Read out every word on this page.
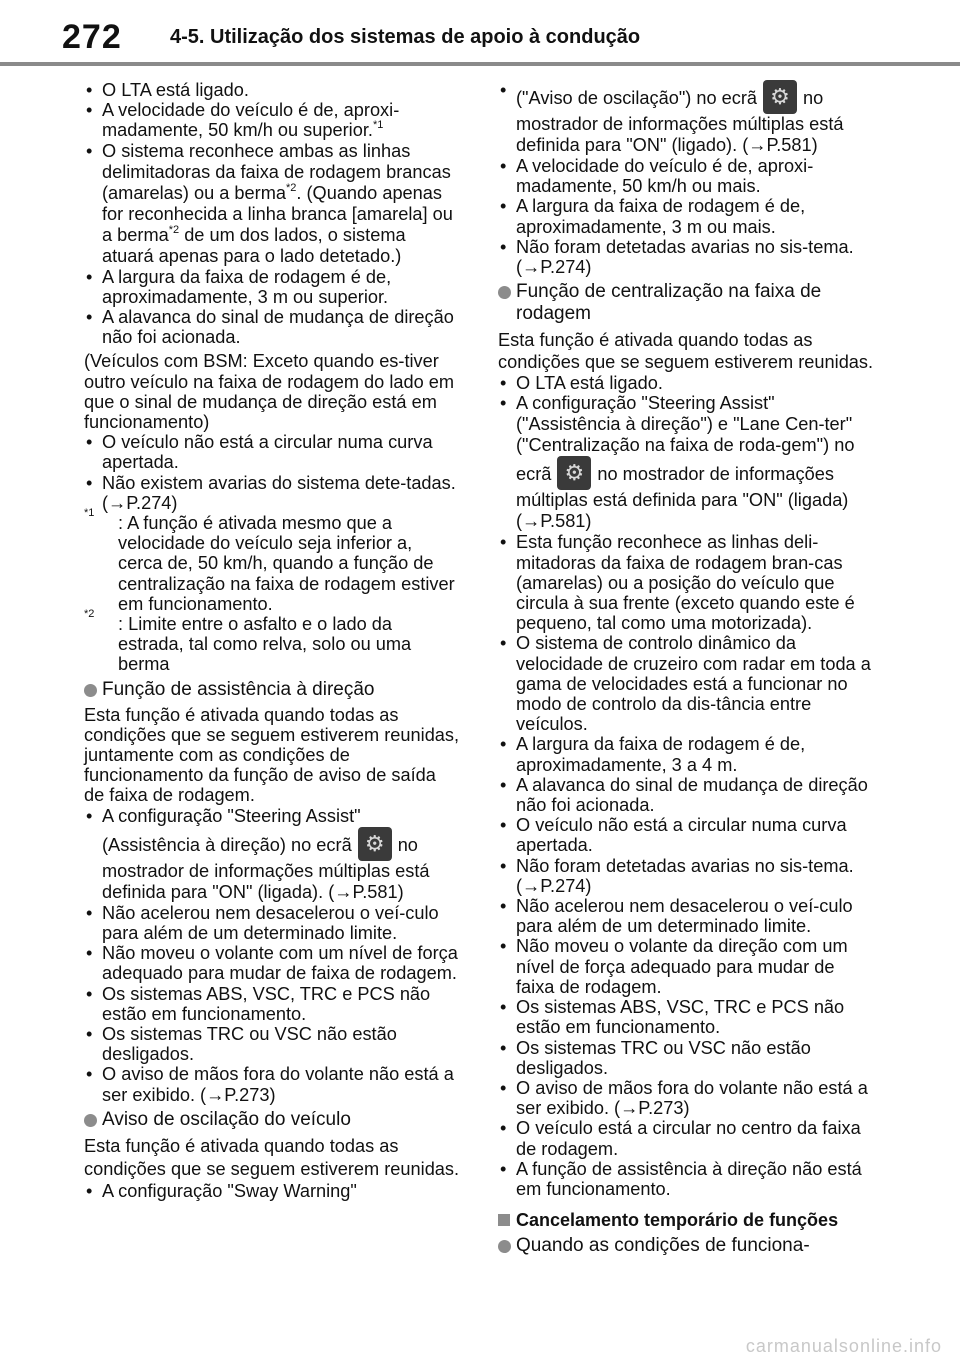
272 4-5. Utilização dos sistemas de apoio à condução
• O LTA está ligado.
• A velocidade do veículo é de, aproxi-madamente, 50 km/h ou superior.$^{*1}$
• O sistema reconhece ambas as linhas delimitadoras da faixa de rodagem brancas (amarelas) ou a berma$^{*2}$. (Quando apenas for reconhecida a linha branca [amarela] ou a berma$^{*2}$ de um dos lados, o sistema atuará apenas para o lado detetado.)
• A largura da faixa de rodagem é de, aproximadamente, 3 m ou superior.
• A alavanca do sinal de mudança de direção não foi acionada.
(Veículos com BSM: Exceto quando es-tiver outro veículo na faixa de rodagem do lado em que o sinal de mudança de direção está em funcionamento)
• O veículo não está a circular numa curva apertada.
• Não existem avarias do sistema dete-tadas. (→P.274)
*1 : A função é ativada mesmo que a velocidade do veículo seja inferior a, cerca de, 50 km/h, quando a função de centralização na faixa de rodagem estiver em funcionamento.
*2 : Limite entre o asfalto e o lado da estrada, tal como relva, solo ou uma berma
Função de assistência à direção
Esta função é ativada quando todas as condições que se seguem estiverem reunidas, juntamente com as condições de funcionamento da função de aviso de saída de faixa de rodagem.
• A configuração "Steering Assist" (Assistência à direção) no ecrã ⚙ no mostrador de informações múltiplas está definida para "ON" (ligada). (→P.581)
• Não acelerou nem desacelerou o veí-culo para além de um determinado limite.
• Não moveu o volante com um nível de força adequado para mudar de faixa de rodagem.
• Os sistemas ABS, VSC, TRC e PCS não estão em funcionamento.
• Os sistemas TRC ou VSC não estão desligados.
• O aviso de mãos fora do volante não está a ser exibido. (→P.273)
Aviso de oscilação do veículo
Esta função é ativada quando todas as condições que se seguem estiverem reunidas.
• A configuração "Sway Warning"
• ("Aviso de oscilação") no ecrã ⚙ no mostrador de informações múltiplas está definida para "ON" (ligado). (→P.581)
• A velocidade do veículo é de, aproxi-madamente, 50 km/h ou mais.
• A largura da faixa de rodagem é de, aproximadamente, 3 m ou mais.
• Não foram detetadas avarias no sis-tema. (→P.274)
Função de centralização na faixa de rodagem
Esta função é ativada quando todas as condições que se seguem estiverem reunidas.
• O LTA está ligado.
• A configuração "Steering Assist" ("Assistência à direção") e "Lane Cen-ter" ("Centralização na faixa de roda-gem") no ecrã ⚙ no mostrador de informações múltiplas está definida para "ON" (ligada) (→P.581)
• Esta função reconhece as linhas deli-mitadoras da faixa de rodagem bran-cas (amarelas) ou a posição do veículo que circula à sua frente (exceto quando este é pequeno, tal como uma motorizada).
• O sistema de controlo dinâmico da velocidade de cruzeiro com radar em toda a gama de velocidades está a funcionar no modo de controlo da dis-tância entre veículos.
• A largura da faixa de rodagem é de, aproximadamente, 3 a 4 m.
• A alavanca do sinal de mudança de direção não foi acionada.
• O veículo não está a circular numa curva apertada.
• Não foram detetadas avarias no sis-tema. (→P.274)
• Não acelerou nem desacelerou o veí-culo para além de um determinado limite.
• Não moveu o volante da direção com um nível de força adequado para mudar de faixa de rodagem.
• Os sistemas ABS, VSC, TRC e PCS não estão em funcionamento.
• Os sistemas TRC ou VSC não estão desligados.
• O aviso de mãos fora do volante não está a ser exibido. (→P.273)
• O veículo está a circular no centro da faixa de rodagem.
• A função de assistência à direção não está em funcionamento.
Cancelamento temporário de funções
Quando as condições de funciona-
carmanualsonline.info
